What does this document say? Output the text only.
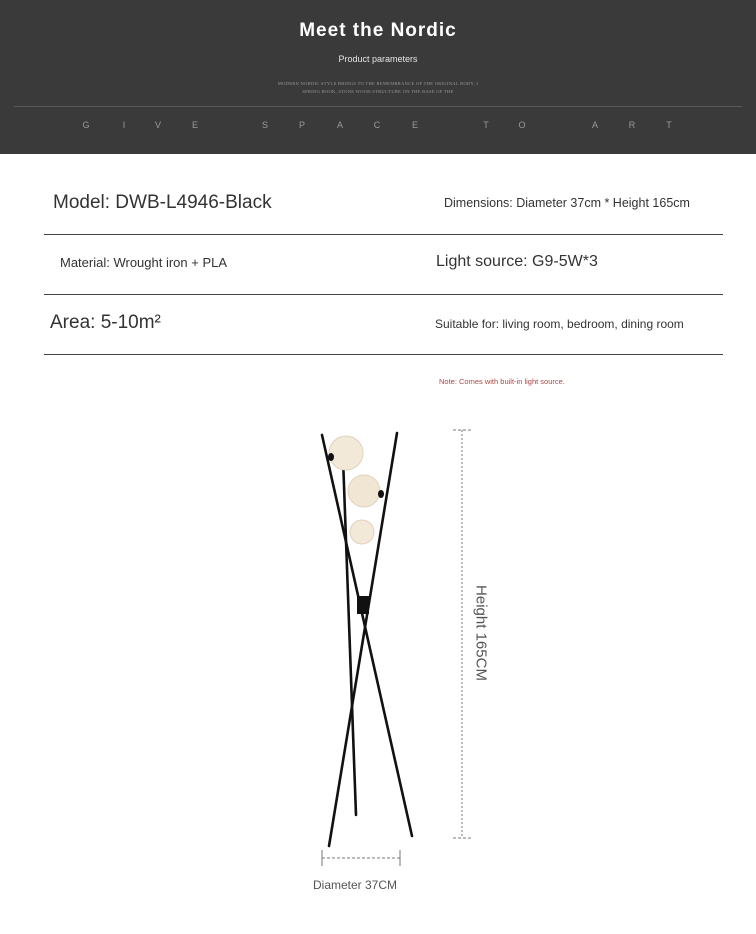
Meet the Nordic
Product parameters
MODERN NORDIC STYLE BRINGS TO THE REMEMBRANCE OF THE ORIGINAL BODY, I
SPRING BOOK, STONE WOOD STRUCTURE ON THE BASE OF THE
G	I	V	E	S	P	A	C	E	T	O	A	R	T
Model: DWB-L4946-Black	Dimensions: Diameter 37cm * Height 165cm
Material: Wrought iron + PLA	Light source: G9-5W*3
Area: 5-10m²	Suitable for: living room, bedroom, dining room
Note: Comes with built-in light source.
Height 165CM
Diameter 37CM
